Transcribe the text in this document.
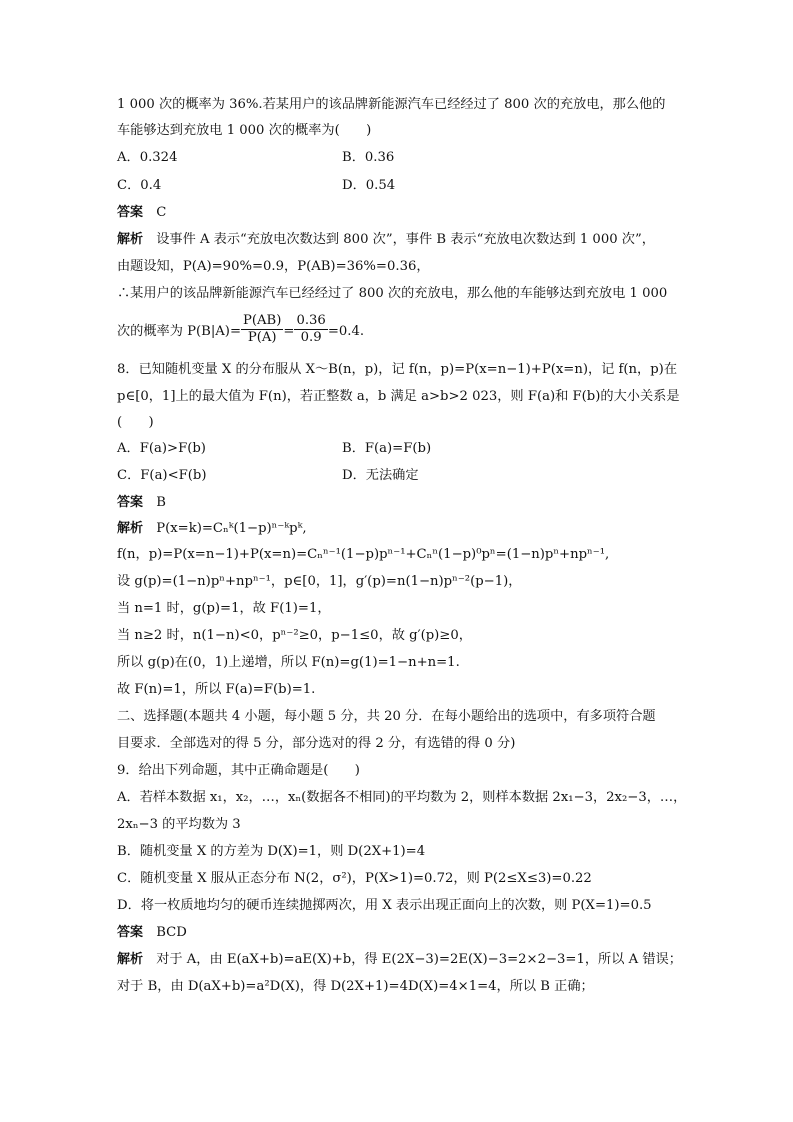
1 000 次的概率为 36%.若某用户的该品牌新能源汽车已经经过了 800 次的充放电，那么他的
车能够达到充放电 1 000 次的概率为(　　)
A．0.324	B．0.36
C．0.4	D．0.54
答案　 C
解析　 设事件 A 表示“充放电次数达到 800 次”，事件 B 表示“充放电次数达到 1 000 次”，
由题设知，P(A)=90%=0.9，P(AB)=36%=0.36，
∴某用户的该品牌新能源汽车已经经过了 800 次的充放电，那么他的车能够达到充放电 1 000
次的概率为 $P(B|A)= \frac{P(AB)}{P(A)} = \frac{0.36}{0.9} =0.4$.
8．已知随机变量 X 的分布服从 X～B(n，p)，记 f(n，p)=P(x=n−1)+P(x=n)，记 f(n，p)在
p∈[0，1]上的最大值为 F(n)，若正整数 a，b 满足 a>b>2 023，则 F(a)和 F(b)的大小关系是
(　　)
A．F(a)>F(b)	B．F(a)=F(b)
C．F(a)<F(b)	D．无法确定
答案　 B
解析　 P(x=k)=Cₙᵏ(1−p)ⁿ⁻ᵏpᵏ,
f(n，p)=P(x=n−1)+P(x=n)=Cₙⁿ⁻¹(1−p)pⁿ⁻¹+Cₙⁿ(1−p)⁰pⁿ=(1−n)pⁿ+npⁿ⁻¹,
设 g(p)=(1−n)pⁿ+npⁿ⁻¹，p∈[0，1]，g′(p)=n(1−n)pⁿ⁻²(p−1)，
当 n=1 时，g(p)=1，故 F(1)=1，
当 n≥2 时，n(1−n)<0，pⁿ⁻²≥0，p−1≤0，故 g′(p)≥0，
所以 g(p)在(0，1)上递增，所以 F(n)=g(1)=1−n+n=1.
故 F(n)=1，所以 F(a)=F(b)=1.
二、选择题(本题共 4 小题，每小题 5 分，共 20 分．在每小题给出的选项中，有多项符合题
目要求．全部选对的得 5 分，部分选对的得 2 分，有选错的得 0 分)
9．给出下列命题，其中正确命题是(　　)
A．若样本数据 x₁，x₂，…，xₙ(数据各不相同)的平均数为 2，则样本数据 2x₁−3，2x₂−3，…，
2xₙ−3 的平均数为 3
B．随机变量 X 的方差为 D(X)=1，则 D(2X+1)=4
C．随机变量 X 服从正态分布 N(2，σ²)，P(X>1)=0.72，则 P(2≤X≤3)=0.22
D．将一枚质地均匀的硬币连续抛掷两次，用 X 表示出现正面向上的次数，则 P(X=1)=0.5
答案　 BCD
解析　 对于 A，由 E(aX+b)=aE(X)+b，得 E(2X−3)=2E(X)−3=2×2−3=1，所以 A 错误；
对于 B，由 D(aX+b)=a²D(X)，得 D(2X+1)=4D(X)=4×1=4，所以 B 正确；
